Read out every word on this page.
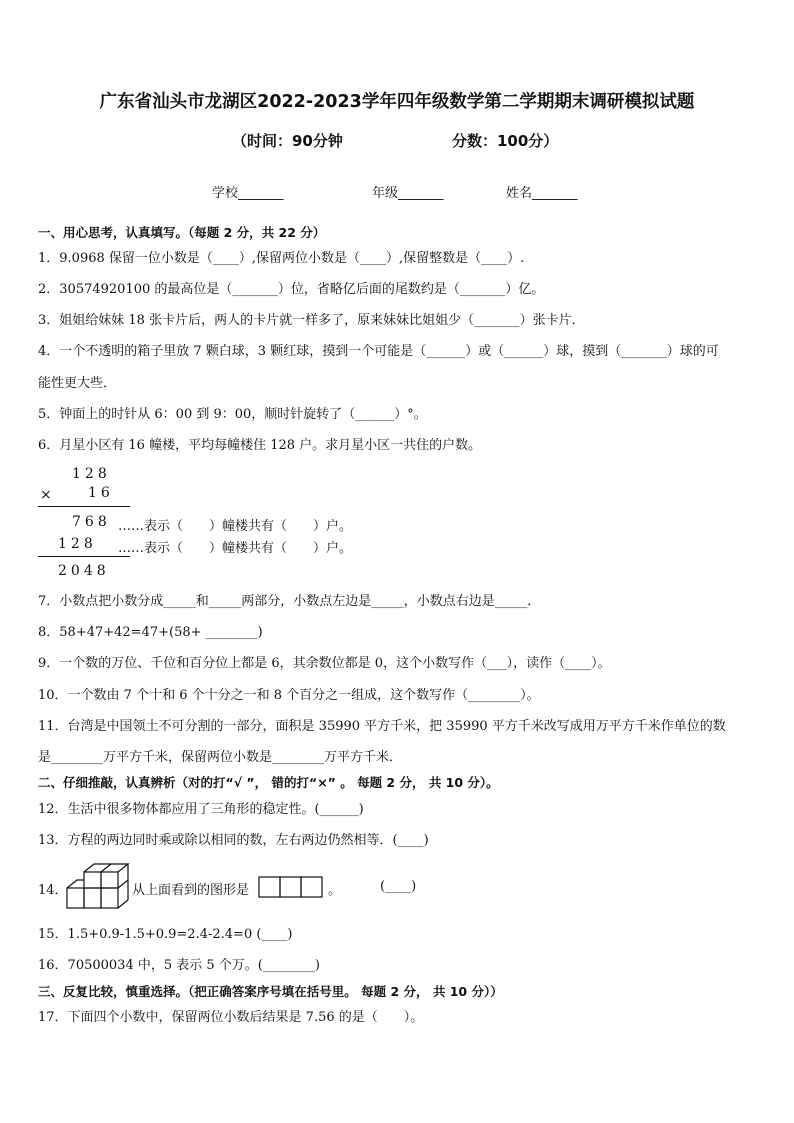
广东省汕头市龙湖区2022-2023学年四年级数学第二学期期末调研模拟试题
（时间：90分钟	分数：100分）
学校_______	年级_______	姓名_______
一、用心思考，认真填写。（每题 2 分，共 22 分）
1．9.0968 保留一位小数是（____）,保留两位小数是（____）,保留整数是（____）.
2．30574920100 的最高位是（_______）位，省略亿后面的尾数约是（_______）亿。
3．姐姐给妹妹 18 张卡片后，两人的卡片就一样多了，原来妹妹比姐姐少（_______）张卡片．
4．一个不透明的箱子里放 7 颗白球，3 颗红球，摸到一个可能是（______）或（______）球，摸到（_______）球的可
能性更大些．
5．钟面上的时针从 6：00 到 9：00，顺时针旋转了（______）°。
6．月星小区有 16 幢楼，平均每幢楼住 128 户。求月星小区一共住的户数。
128
× 16
768 ……表示（　　）幢楼共有（　　）户。
128 ……表示（　　）幢楼共有（　　）户。
2048
7．小数点把小数分成_____和_____两部分，小数点左边是_____，小数点右边是_____．
8．58+47+42=47+(58+ ________)
9．一个数的万位、千位和百分位上都是 6，其余数位都是 0，这个小数写作（___），读作（____）。
10．一个数由 7 个十和 6 个十分之一和 8 个百分之一组成，这个数写作（________）。
11．台湾是中国领土不可分割的一部分，面积是 35990 平方千米，把 35990 平方千米改写成用万平方千米作单位的数
是________万平方千米，保留两位小数是________万平方千米．
二、仔细推敲，认真辨析（对的打“√ ”， 错的打“×” 。 每题 2 分， 共 10 分）。
12．生活中很多物体都应用了三角形的稳定性。(______)
13．方程的两边同时乘或除以相同的数，左右两边仍然相等．(____)
14．	从上面看到的图形是	。	(____)
15．1.5+0.9-1.5+0.9=2.4-2.4=0 (____)
16．70500034 中，5 表示 5 个万。(________)
三、反复比较，慎重选择。（把正确答案序号填在括号里。 每题 2 分， 共 10 分））
17．下面四个小数中，保留两位小数后结果是 7.56 的是（　　）。
